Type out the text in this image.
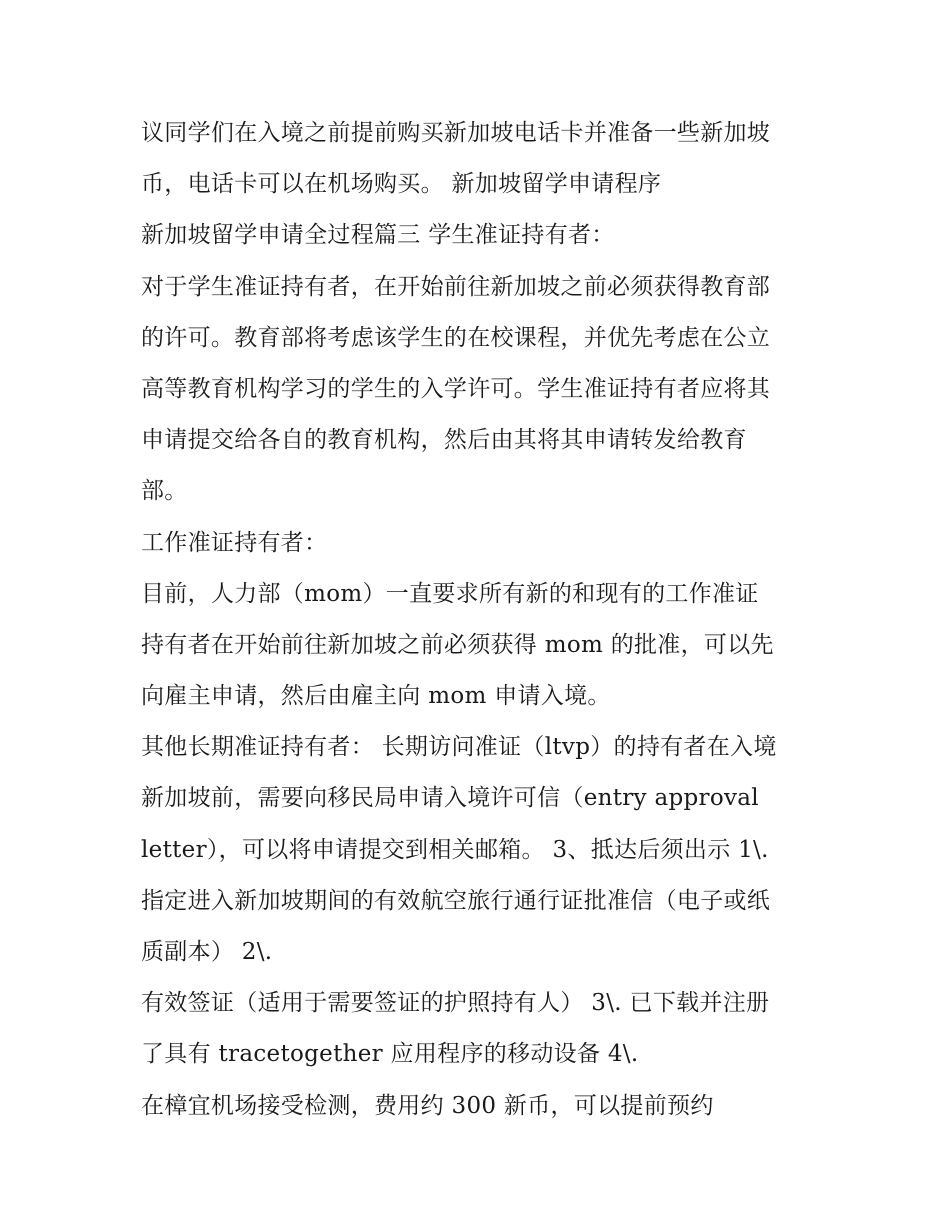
议同学们在入境之前提前购买新加坡电话卡并准备一些新加坡
币，电话卡可以在机场购买。 新加坡留学申请程序
新加坡留学申请全过程篇三 学生准证持有者：
对于学生准证持有者，在开始前往新加坡之前必须获得教育部
的许可。教育部将考虑该学生的在校课程，并优先考虑在公立
高等教育机构学习的学生的入学许可。学生准证持有者应将其
申请提交给各自的教育机构，然后由其将其申请转发给教育
部。
工作准证持有者：
目前，人力部（mom）一直要求所有新的和现有的工作准证
持有者在开始前往新加坡之前必须获得 mom 的批准，可以先
向雇主申请，然后由雇主向 mom 申请入境。
其他长期准证持有者： 长期访问准证（ltvp）的持有者在入境
新加坡前，需要向移民局申请入境许可信（entry approval
letter），可以将申请提交到相关邮箱。 3、抵达后须出示 1\.
指定进入新加坡期间的有效航空旅行通行证批准信（电子或纸
质副本） 2\.
有效签证（适用于需要签证的护照持有人） 3\. 已下载并注册
了具有 tracetogether 应用程序的移动设备 4\.
在樟宜机场接受检测，费用约 300 新币，可以提前预约
